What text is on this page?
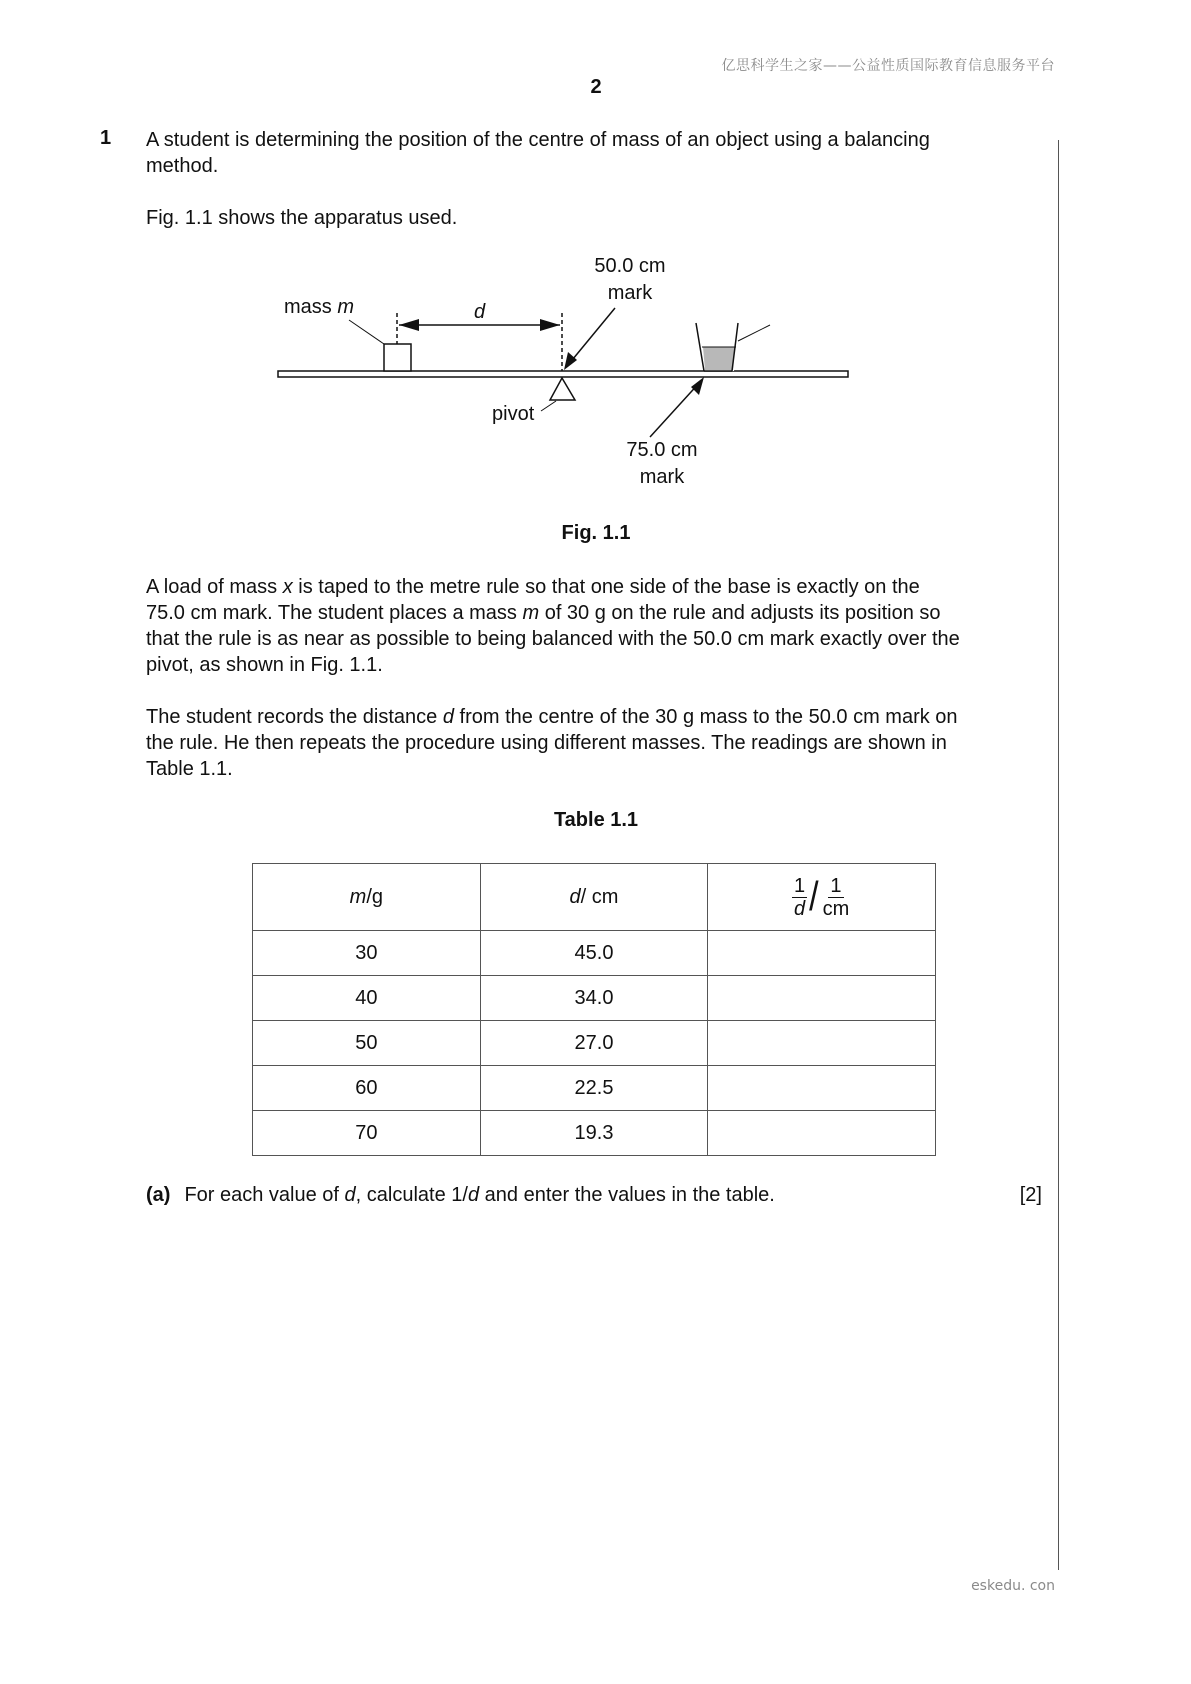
亿思科学生之家——公益性质国际教育信息服务平台
2
1 A student is determining the position of the centre of mass of an object using a balancing

method.

Fig. 1.1 shows the apparatus used.

50.0 cm
mark
mass m	d
pivot
75.0 cm
mark
Fig. 1.1

A load of mass x is taped to the metre rule so that one side of the base is exactly on the

75.0 cm mark. The student places a mass m of 30 g on the rule and adjusts its position so

that the rule is as near as possible to being balanced with the 50.0 cm mark exactly over the

pivot, as shown in Fig. 1.1.

The student records the distance d from the centre of the 30 g mass to the 50.0 cm mark on

the rule. He then repeats the procedure using different masses. The readings are shown in

Table 1.1.

Table 1.1
m/g	d/ cm	$\frac{1}{d} / \frac{1}{cm}$

30	45.0	
40	34.0	
50	27.0	
60	22.5	
70	19.3	
(a) For each value of d, calculate 1/d and enter the values in the table.	[2]
eskedu. con
